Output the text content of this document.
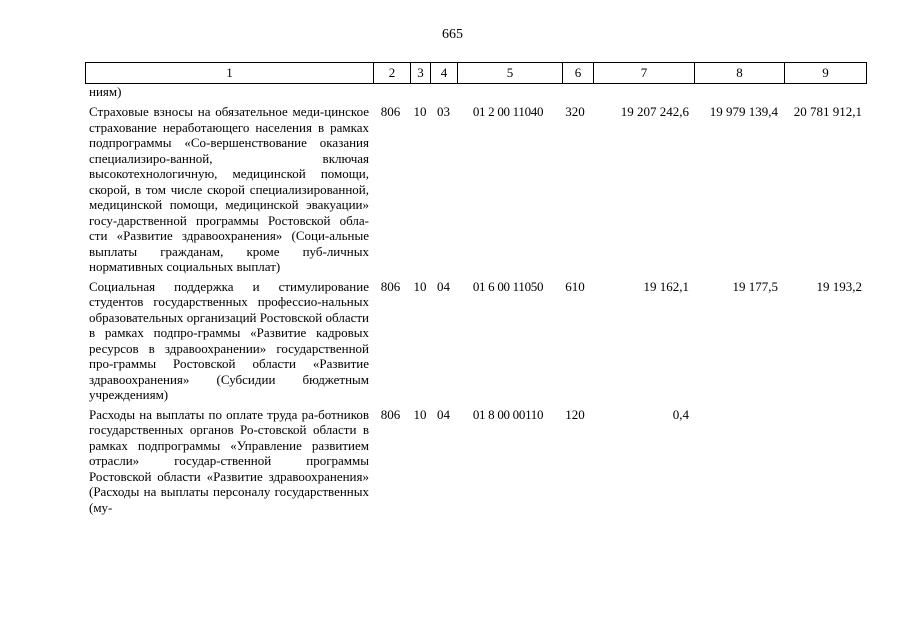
665
1	2	3	4	5	6	7	8	9
ниям)
Страховые взносы на обязательное меди-цинское страхование неработающего населения в рамках подпрограммы «Со-вершенствование оказания специализиро-ванной, включая высокотехнологичную, медицинской помощи, скорой, в том числе скорой специализированной, медицинской помощи, медицинской эвакуации» госу-дарственной программы Ростовской обла-сти «Развитие здравоохранения» (Соци-альные выплаты гражданам, кроме пуб-личных нормативных социальных выплат)
806	10 03	01 2 00 11040	320	19 207 242,6	19 979 139,4	20 781 912,1
Социальная поддержка и стимулирование студентов государственных профессио-нальных образовательных организаций Ростовской области в рамках подпро-граммы «Развитие кадровых ресурсов в здравоохранении» государственной про-граммы Ростовской области «Развитие здравоохранения» (Субсидии бюджетным учреждениям)
806	10 04	01 6 00 11050	610	19 162,1	19 177,5	19 193,2
Расходы на выплаты по оплате труда ра-ботников государственных органов Ро-стовской области в рамках подпрограммы «Управление развитием отрасли» государ-ственной программы Ростовской области «Развитие здравоохранения» (Расходы на выплаты персоналу государственных (му-
806	10 04	01 8 00 00110	120	0,4
